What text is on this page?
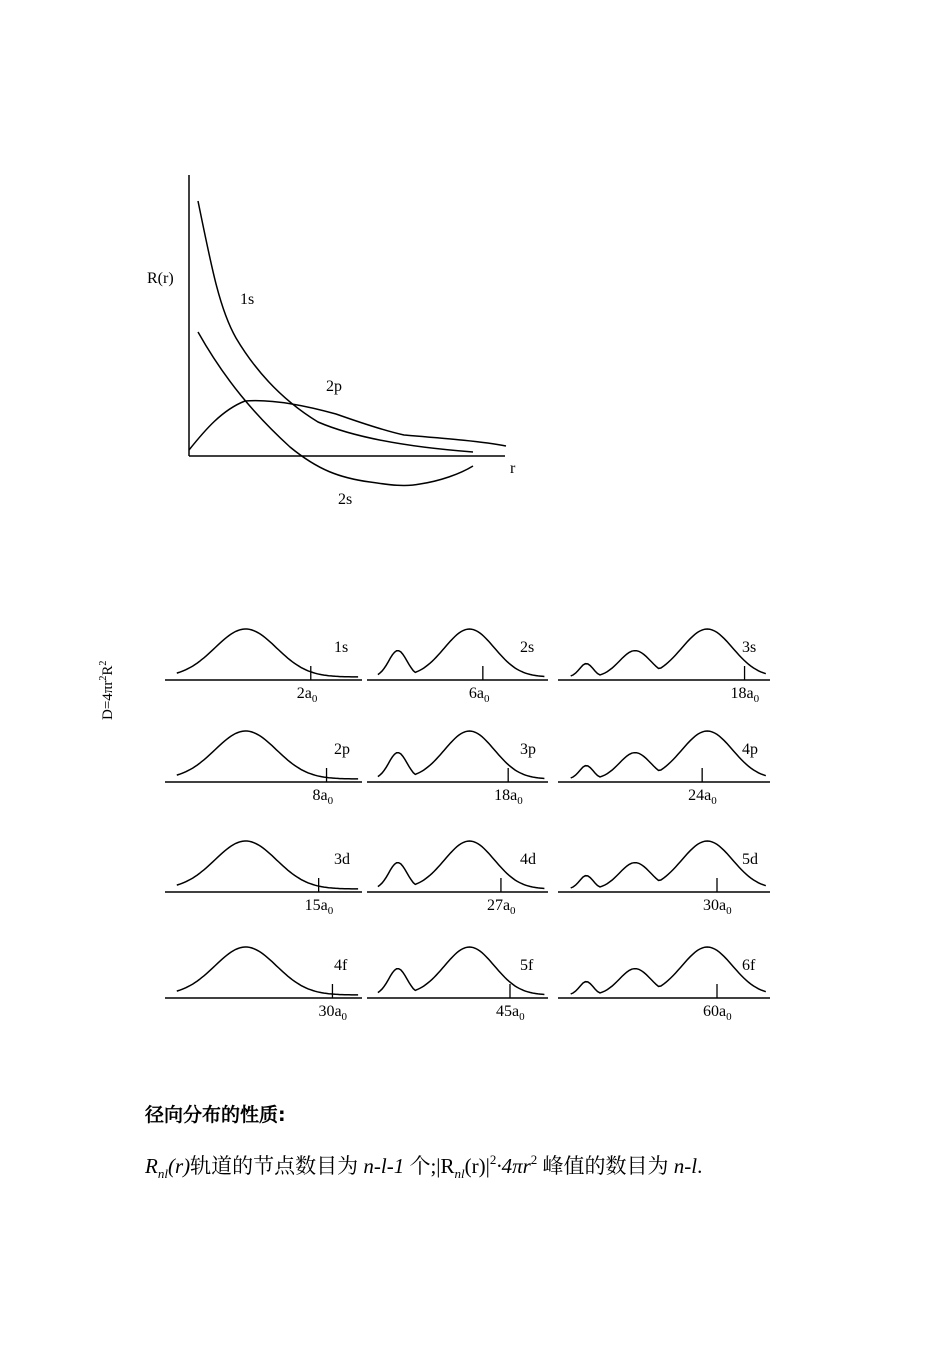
R(r)
r
1s
2p
2s
$D=4\pi r^2R^2$
1s
$2a_0$
2s
$6a_0$
3s
$18a_0$
2p
$8a_0$
3p
$18a_0$
4p
$24a_0$
3d
$15a_0$
4d
$27a_0$
5d
$30a_0$
4f
$30a_0$
5f
$45a_0$
6f
$60a_0$
径向分布的性质:
$R_{nl}(r)$轨道的节点数目为 n-l-1 个$;|R_{nl}(r)|^2\cdot 4\pi r^2$ 峰值的数目为 n-l.
